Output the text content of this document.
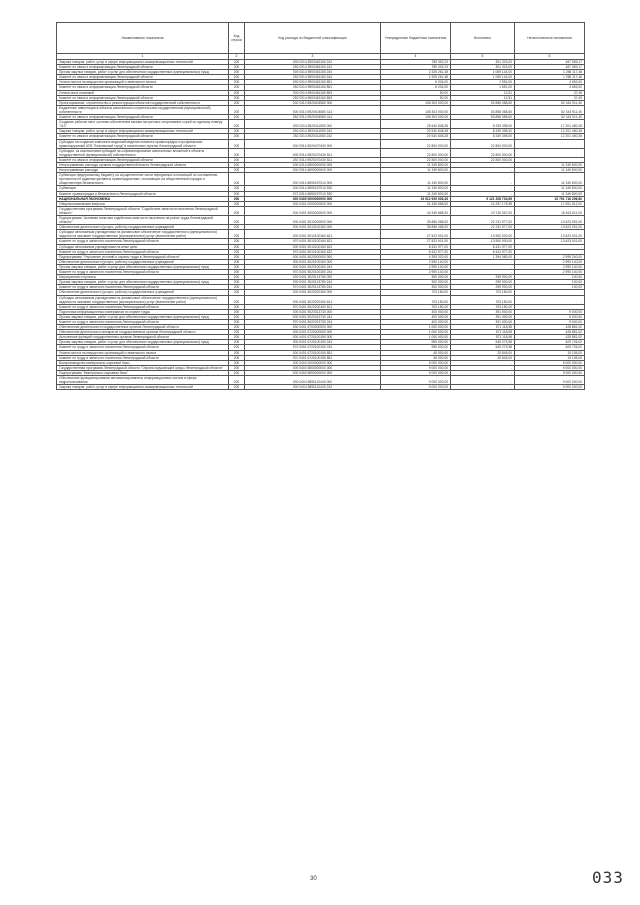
Наименование показателя	Код строки	Код расхода по бюджетной классификации	Утвержденные бюджетные назначения	Исполнено	Неисполненные назначения
1	2	3	4	5	6
Закупка товаров, работ, услуг в сфере информационно-коммуникационных технологий	200	000 0314 5900461160 242	789 392,23	301 323,00	487 069,17
Комитет по связи и информатизации Ленинградской области	200	252 0314 5900461160 242	789 392,23	301 323,00	487 069,17
Прочая закупка товаров, работ и услуг для обеспечения государственных (муниципальных) нужд	200	000 0314 5900461160 244	2 325 261,48	1 069 144,00	1 256 117,48
Комитет по связи и информатизации Ленинградской области	200	252 0314 5900461160 244	2 325 261,48	1 069 144,00	1 256 117,48
Уплата налога на имущество организаций и земельного налога	200	000 0314 5900461160 851	6 204,00	1 551,00	4 653,00
Комитет по связи и информатизации Ленинградской области	200	252 0314 5900461160 851	6 204,00	1 551,00	4 653,00
Уплата иных платежей	200	000 0314 5900461160 853	50,00	12,51	37,49
Комитет по связи и информатизации Ленинградской области	200	252 0314 5900461160 853	50,00	12,51	37,49
Проектирование, строительство и реконструкция объектов государственной собственности	200	000 0314 5920404580 000	108 303 000,00	53 858 088,60	52 444 911,40
Бюджетные инвестиции в объекты капитального строительства государственной (муниципальной) собственности	200	000 0314 5920404580 414	108 303 000,00	53 858 088,60	52 444 911,40
Комитет по связи и информатизации Ленинградской области	200	252 0314 5920404580 414	108 303 000,00	53 858 088,60	52 444 911,40
Создание рабочих мест системы обеспечения вызова экстренных оперативных служб по единому номеру "112"	200	000 0314 5920411550 000	25 540 848,28	8 339 398,00	17 201 450,28
Закупка товаров, работ, услуг в сфере информационно-коммуникационных технологий	200	000 0314 5920411550 242	20 540 848,28	8 339 398,00	12 201 450,28
Комитет по связи и информатизации Ленинградской области	200	252 0314 5920411550 242	20 540 848,28	8 339 398,00	12 201 450,28
Субсидии на создание комплекта видеонаблюдения сегмента правопорядка и профилактики правонарушений АПК "Безопасный город" в населенных пунктах Ленинградской области	200	000 0314 5920470430 000	22 800 000,00	22 800 000,00	-
Субсидии, за исключением субсидий на софинансирование капитальных вложений в объекты государственной (муниципальной) собственности	200	000 0314 5920470430 521	22 800 000,00	22 800 000,00	-
Комитет по связи и информатизации Ленинградской области	200	252 0314 5920470430 521	22 800 000,00	22 800 000,00	-
Непрограммные расходы органов государственной власти Ленинградской области	200	000 0314 6800000000 000	11 349 800,00	-	11 349 800,00
Непрограммные расходы	200	000 0314 6890000000 000	11 349 800,00	-	11 349 800,00
Субвенции федеральному бюджету на осуществление части переданных полномочий по составлению протоколов об административных правонарушениях, посягающих на общественный порядок и общественную безопасность	200	000 0314 6890157010 000	11 349 800,00	-	11 349 800,00
Субвенции	200	000 0314 6890157010 530	11 349 800,00	-	11 349 800,00
Комитет правопорядка и безопасности Ленинградской области	200	972 0314 6890157010 530	11 349 800,00	-	11 349 800,00
НАЦИОНАЛЬНАЯ ЭКОНОМИКА	200	000 0400 0000000000 000	19 912 929 026,45	9 121 208 733,65	10 791 716 296,80
Общеэкономические вопросы	200	000 0401 0000000000 000	41 349 668,00	24 297 175,98	17 051 512,02
Государственная программа Ленинградской области "Содействие занятости населения Ленинградской области"	200	000 0401 5000000000 000	40 349 668,00	23 726 057,00	16 623 611,00
Подпрограмма "Активная политика содействия занятости населения на рынке труда Ленинградской области"	200	000 0401 5010000000 000	35 856 068,00	22 231 977,00	13 623 091,00
Обеспечение деятельности (услуги, работы) государственных учреждений	200	000 0401 5010100160 000	35 856 068,00	22 231 977,00	13 623 091,00
Субсидии автономным учреждениям на финансовое обеспечение государственного (муниципального) задания на оказание государственных (муниципальных) услуг (выполнение работ)	200	000 0401 5010100160 621	27 523 001,00	13 900 000,00	13 623 001,00
Комитет по труду и занятости населения Ленинградской области	200	970 0401 5010100160 621	27 523 001,00	13 900 000,00	13 623 001,00
Субсидии автономным учреждениям на иные цели	200	000 0401 5010100160 622	8 431 977,00	8 431 977,00	-
Комитет по труду и занятости населения Ленинградской области	200	970 0401 5010100160 622	8 431 977,00	8 431 977,00	-
Подпрограмма "Улучшение условий и охраны труда в Ленинградской области"	200	000 0401 5020000000 000	4 393 320,00	1 394 080,00	2 999 240,00
Обеспечение деятельности (услуги, работы) государственных учреждений	200	000 0401 5020100160 000	2 990 140,00	-	2 990 140,00
Прочая закупка товаров, работ и услуг для обеспечения государственных (муниципальных) нужд	200	000 0401 5020100160 244	2 990 140,00	-	2 990 140,00
Комитет по труду и занятости населения Ленинградской области	200	970 0401 5020100160 244	2 990 140,00	-	2 990 140,00
Мероприятия и проекты	200	000 0401 5020113780 000	300 000,00	299 930,00	100,00
Прочая закупка товаров, работ и услуг для обеспечения государственных (муниципальных) нужд	200	000 0401 5020113780 244	300 000,00	299 930,00	100,00
Комитет по труду и занятости населения Ленинградской области	200	970 0401 5020113780 244	300 000,00	299 930,00	100,00
Обеспечение деятельности (услуги, работы) государственных учреждений	200	000 0401 5020200160 000	703 180,00	703 180,00	-
Субсидии автономным учреждениям на финансовое обеспечение государственного (муниципального) задания на оказание государственных (муниципальных) услуг (выполнение работ)	200	000 0401 5020200160 621	703 180,00	703 180,00	-
Комитет по труду и занятости населения Ленинградской области	200	970 0401 5020200160 621	703 180,00	703 180,00	-
Подготовка информационных материалов по охране труда	200	000 0401 5020313730 000	400 000,00	391 000,00	9 000,00
Прочая закупка товаров, работ и услуг для обеспечения государственных (муниципальных) нужд	200	000 0401 5020313730 244	400 000,00	391 000,00	9 000,00
Комитет по труду и занятости населения Ленинградской области	200	970 0401 5020313730 244	400 000,00	391 000,00	9 000,00
Обеспечение деятельности государственных органов Ленинградской области	200	000 0401 6700000000 000	1 000 000,00	571 118,98	428 881,02
Обеспечение деятельности аппаратов государственных органов Ленинградской области	200	000 0401 6720000000 000	1 000 000,00	571 118,98	428 881,02
Исполнение функций государственных органов Ленинградской области	200	000 0401 6720100150 000	1 000 000,00	571 118,98	428 881,02
Прочая закупка товаров, работ и услуг для обеспечения государственных (муниципальных) нужд	200	000 0401 6720100150 244	955 000,00	545 273,98	409 726,02
Комитет по труду и занятости населения Ленинградской области	200	970 0401 6720100150 244	955 000,00	545 273,98	409 726,02
Уплата налога на имущество организаций и земельного налога	200	000 0401 6720100150 851	45 000,00	25 845,00	19 155,00
Комитет по труду и занятости населения Ленинградской области	200	970 0401 6720100150 851	45 000,00	25 845,00	19 155,00
Воспроизводство минерально-сырьевой базы	200	000 0404 0000000000 000	9 000 000,00	-	9 000 000,00
Государственная программа Ленинградской области "Охрана окружающей среды Ленинградской области"	200	000 0404 5800000000 000	9 000 000,00	-	9 000 000,00
Подпрограмма "Минерально-сырьевая база"	200	000 0404 5850000000 000	9 000 000,00	-	9 000 000,00
Обеспечение функционирования автоматизированных информационных систем в сфере недропользования	200	000 0404 5850110440 000	9 000 000,00	-	9 000 000,00
Закупка товаров, работ, услуг в сфере информационно-коммуникационных технологий	200	000 0404 5850110440 242	9 000 000,00	-	9 000 000,00
30	033
